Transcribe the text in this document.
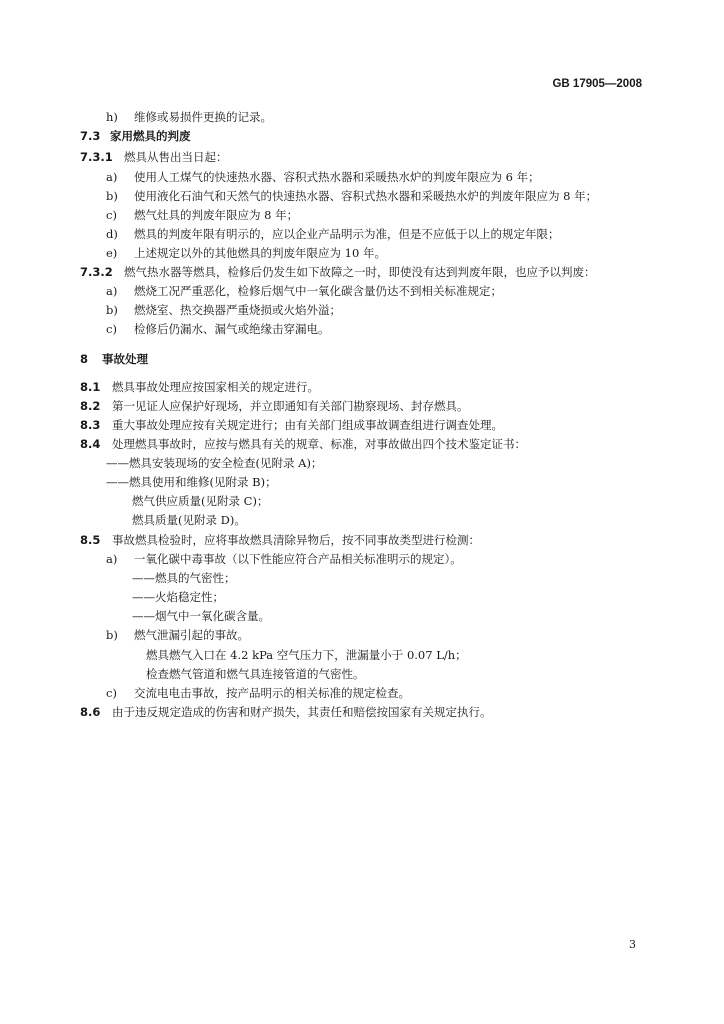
GB 17905—2008
h) 维修或易损件更换的记录。
7.3 家用燃具的判废
7.3.1 燃具从售出当日起：
a) 使用人工煤气的快速热水器、容积式热水器和采暖热水炉的判废年限应为 6 年；
b) 使用液化石油气和天然气的快速热水器、容积式热水器和采暖热水炉的判废年限应为 8 年；
c) 燃气灶具的判废年限应为 8 年；
d) 燃具的判废年限有明示的，应以企业产品明示为准，但是不应低于以上的规定年限；
e) 上述规定以外的其他燃具的判废年限应为 10 年。
7.3.2 燃气热水器等燃具，检修后仍发生如下故障之一时，即使没有达到判废年限，也应予以判废：
a) 燃烧工况严重恶化，检修后烟气中一氧化碳含量仍达不到相关标准规定；
b) 燃烧室、热交换器严重烧损或火焰外溢；
c) 检修后仍漏水、漏气或绝缘击穿漏电。
8 事故处理
8.1 燃具事故处理应按国家相关的规定进行。
8.2 第一见证人应保护好现场，并立即通知有关部门勘察现场、封存燃具。
8.3 重大事故处理应按有关规定进行；由有关部门组成事故调查组进行调查处理。
8.4 处理燃具事故时，应按与燃具有关的规章、标准，对事故做出四个技术鉴定证书：
——燃具安装现场的安全检查(见附录 A)；
——燃具使用和维修(见附录 B)；
燃气供应质量(见附录 C)；
燃具质量(见附录 D)。
8.5 事故燃具检验时，应将事故燃具清除异物后，按不同事故类型进行检测：
a) 一氧化碳中毒事故（以下性能应符合产品相关标准明示的规定）。
——燃具的气密性；
——火焰稳定性；
——烟气中一氧化碳含量。
b) 燃气泄漏引起的事故。
燃具燃气入口在 4.2 kPa 空气压力下，泄漏量小于 0.07 L/h；
检查燃气管道和燃气具连接管道的气密性。
c) 交流电电击事故，按产品明示的相关标准的规定检查。
8.6 由于违反规定造成的伤害和财产损失，其责任和赔偿按国家有关规定执行。
3
